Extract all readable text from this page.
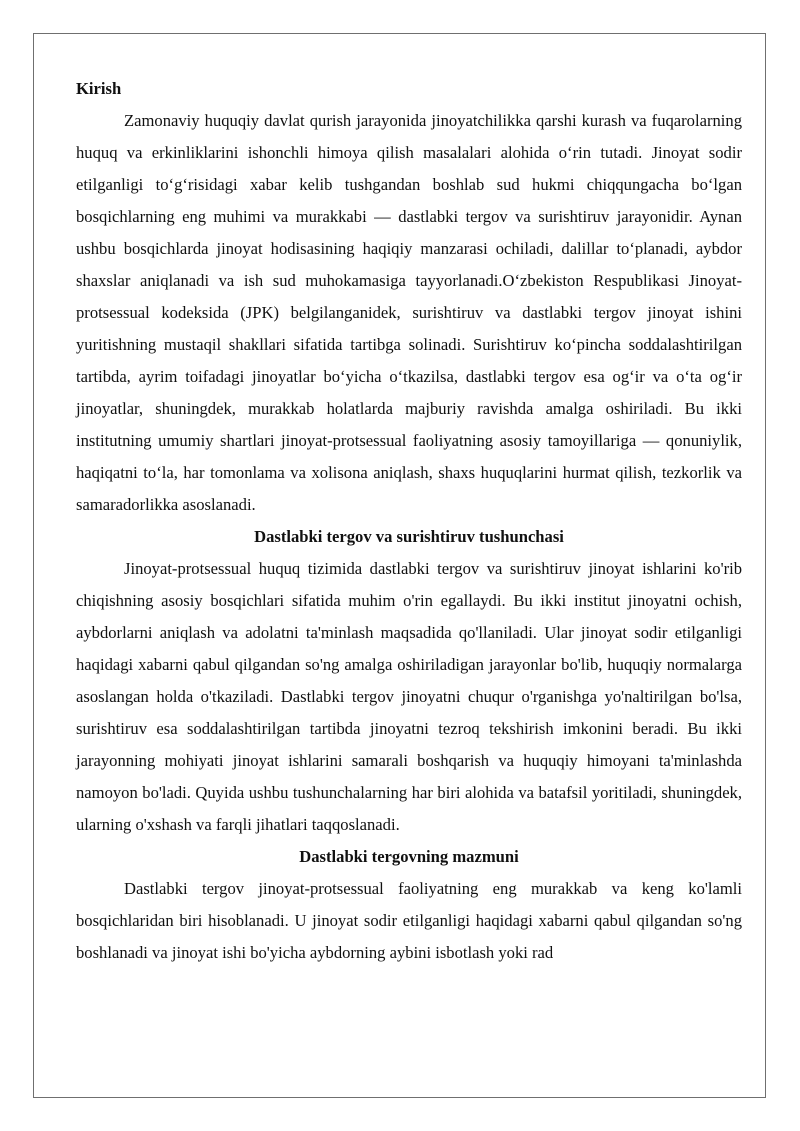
Kirish

Zamonaviy huquqiy davlat qurish jarayonida jinoyatchilikka qarshi kurash va fuqarolarning huquq va erkinliklarini ishonchli himoya qilish masalalari alohida o‘rin tutadi. Jinoyat sodir etilganligi to‘g‘risidagi xabar kelib tushgandan boshlab sud hukmi chiqqungacha bo‘lgan bosqichlarning eng muhimi va murakkabi — dastlabki tergov va surishtiruv jarayonidir. Aynan ushbu bosqichlarda jinoyat hodisasining haqiqiy manzarasi ochiladi, dalillar to‘planadi, aybdor shaxslar aniqlanadi va ish sud muhokamasiga tayyorlanadi.O‘zbekiston Respublikasi Jinoyat-protsessual kodeksida (JPK) belgilanganidek, surishtiruv va dastlabki tergov jinoyat ishini yuritishning mustaqil shakllari sifatida tartibga solinadi. Surishtiruv ko‘pincha soddalashtirilgan tartibda, ayrim toifadagi jinoyatlar bo‘yicha o‘tkazilsa, dastlabki tergov esa og‘ir va o‘ta og‘ir jinoyatlar, shuningdek, murakkab holatlarda majburiy ravishda amalga oshiriladi. Bu ikki institutning umumiy shartlari jinoyat-protsessual faoliyatning asosiy tamoyillariga — qonuniylik, haqiqatni to‘la, har tomonlama va xolisona aniqlash, shaxs huquqlarini hurmat qilish, tezkorlik va samaradorlikka asoslanadi.

Dastlabki tergov va surishtiruv tushunchasi

Jinoyat-protsessual huquq tizimida dastlabki tergov va surishtiruv jinoyat ishlarini ko'rib chiqishning asosiy bosqichlari sifatida muhim o'rin egallaydi. Bu ikki institut jinoyatni ochish, aybdorlarni aniqlash va adolatni ta'minlash maqsadida qo'llaniladi. Ular jinoyat sodir etilganligi haqidagi xabarni qabul qilgandan so'ng amalga oshiriladigan jarayonlar bo'lib, huquqiy normalarga asoslangan holda o'tkaziladi. Dastlabki tergov jinoyatni chuqur o'rganishga yo'naltirilgan bo'lsa, surishtiruv esa soddalashtirilgan tartibda jinoyatni tezroq tekshirish imkonini beradi. Bu ikki jarayonning mohiyati jinoyat ishlarini samarali boshqarish va huquqiy himoyani ta'minlashda namoyon bo'ladi. Quyida ushbu tushunchalarning har biri alohida va batafsil yoritiladi, shuningdek, ularning o'xshash va farqli jihatlari taqqoslanadi.

Dastlabki tergovning mazmuni

Dastlabki tergov jinoyat-protsessual faoliyatning eng murakkab va keng ko'lamli bosqichlaridan biri hisoblanadi. U jinoyat sodir etilganligi haqidagi xabarni qabul qilgandan so'ng boshlanadi va jinoyat ishi bo'yicha aybdorning aybini isbotlash yoki rad
